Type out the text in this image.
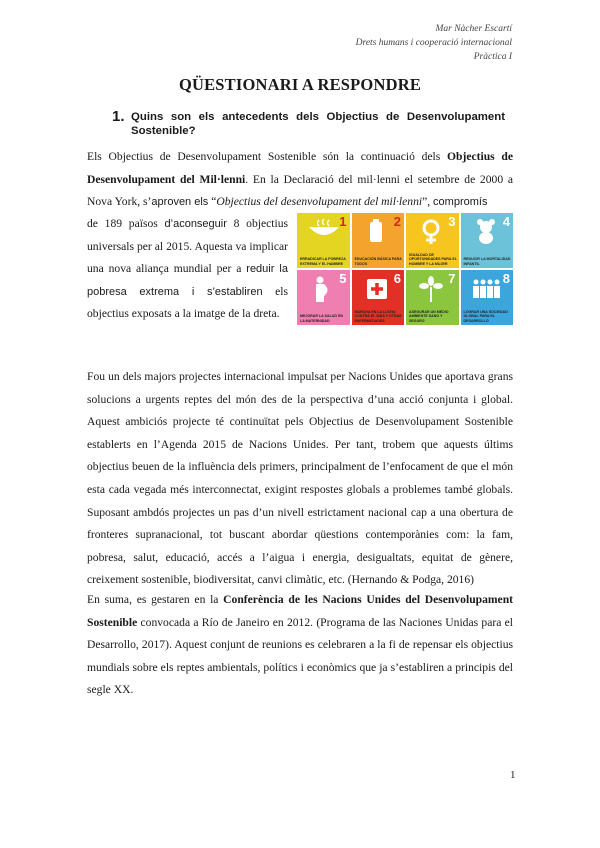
Mar Nàcher Escartí
Drets humans i cooperació internacional
Pràctica I
QÜESTIONARI A RESPONDRE
1. Quins son els antecedents dels Objectius de Desenvolupament Sostenible?
Els Objectius de Desenvolupament Sostenible són la continuació dels Objectius de Desenvolupament del Mil·lenni. En la Declaració del mil·lenni el setembre de 2000 a Nova York, s’aproven els “Objectius del desenvolupament del mil·lenni”, compromís
de 189 països d’aconseguir 8 objectius universals per al 2015. Aquesta va implicar una nova aliança mundial per a reduir la pobresa extrema i s’establiren els objectius exposats a la imatge de la dreta.
1
ERRADICAR LA POBREZA EXTREMA Y EL HAMBRE
2
EDUCACIÓN BÁSICA PARA TODOS
3
IGUALDAD DE OPORTUNIDADES PARA EL HOMBRE Y LA MUJER
4
REDUCIR LA MORTALIDAD INFANTIL
5
MEJORAR LA SALUD EN LA MATERNIDAD
6
MARCHA EN LA LUCHA CONTRA EL SIDA Y OTRAS ENFERMEDADES
7
ASEGURAR UN MEDIO AMBIENTE SANO Y SEGURO
8
LOGRAR UNA SOCIEDAD GLOBAL PARA EL DESARROLLO
Fou un dels majors projectes internacional impulsat per Nacions Unides que aportava grans solucions a urgents reptes del món des de la perspectiva d’una acció conjunta i global. Aquest ambiciós projecte té continuïtat pels Objectius de Desenvolupament Sostenible establerts en l’Agenda 2015 de Nacions Unides. Per tant, trobem que aquests últims objectius beuen de la influència dels primers, principalment de l’enfocament de que el món esta cada vegada més interconnectat, exigint respostes globals a problemes també globals. Suposant ambdós projectes un pas d’un nivell estrictament nacional cap a una obertura de fronteres supranacional, tot buscant abordar qüestions contemporànies com: la fam, pobresa, salut, educació, accés a l’aigua i energia, desigualtats, equitat de gènere, creixement sostenible, biodiversitat, canvi climàtic, etc. (Hernando & Podga, 2016)
En suma, es gestaren en la Conferència de les Nacions Unides del Desenvolupament Sostenible convocada a Río de Janeiro en 2012. (Programa de las Naciones Unidas para el Desarrollo, 2017). Aquest conjunt de reunions es celebraren a la fi de repensar els objectius mundials sobre els reptes ambientals, polítics i econòmics que ja s’establiren a principis del segle XX.
1
